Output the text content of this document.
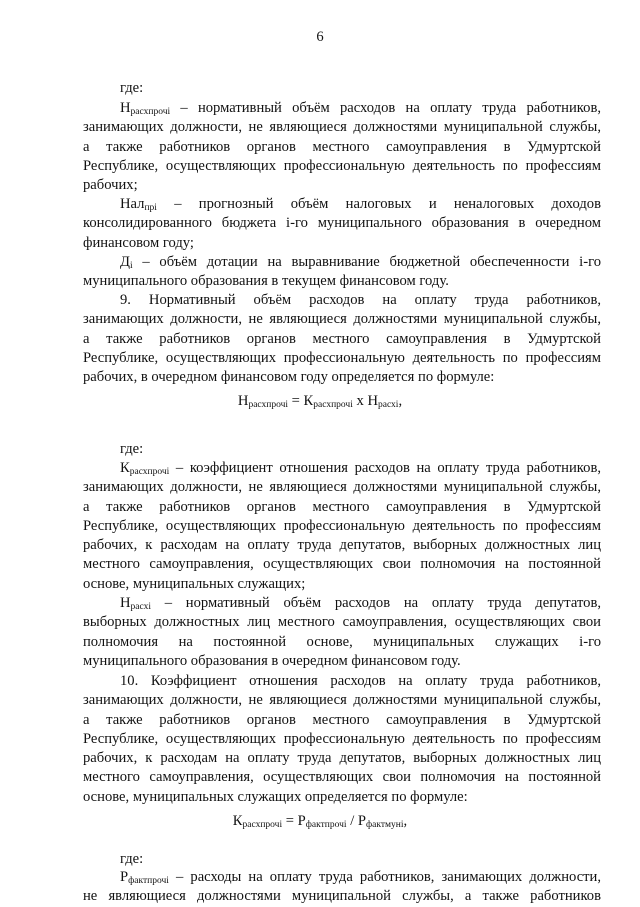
6

где:

$Н_{расхпрочі}$ – нормативный объём расходов на оплату труда работников,
занимающих должности, не являющиеся должностями муниципальной службы,
а также работников органов местного самоуправления в Удмуртской
Республике, осуществляющих профессиональную деятельность по профессиям
рабочих;
Нал$_{прі}$ – прогнозный объём налоговых и неналоговых доходов
консолидированного бюджета і-го муниципального образования в очередном
финансовом году;
$Д_і$ – объём дотации на выравнивание бюджетной обеспеченности і-го
муниципального образования в текущем финансовом году.
9. Нормативный объём расходов на оплату труда работников,
занимающих должности, не являющиеся должностями муниципальной службы,
а также работников органов местного самоуправления в Удмуртской
Республике, осуществляющих профессиональную деятельность по профессиям
рабочих, в очередном финансовом году определяется по формуле:

$Н_{расхпрочі} = К_{расхпрочі}$ х $Н_{расхі}$,

где:

$К_{расхпрочі}$ – коэффициент отношения расходов на оплату труда работников,
занимающих должности, не являющиеся должностями муниципальной службы,
а также работников органов местного самоуправления в Удмуртской
Республике, осуществляющих профессиональную деятельность по профессиям
рабочих, к расходам на оплату труда депутатов, выборных должностных лиц
местного самоуправления, осуществляющих свои полномочия на постоянной
основе, муниципальных служащих;
$Н_{расхі}$ – нормативный объём расходов на оплату труда депутатов,
выборных должностных лиц местного самоуправления, осуществляющих свои
полномочия на постоянной основе, муниципальных служащих і-го
муниципального образования в очередном финансовом году.
10. Коэффициент отношения расходов на оплату труда работников,
занимающих должности, не являющиеся должностями муниципальной службы,
а также работников органов местного самоуправления в Удмуртской
Республике, осуществляющих профессиональную деятельность по профессиям
рабочих, к расходам на оплату труда депутатов, выборных должностных лиц
местного самоуправления, осуществляющих свои полномочия на постоянной
основе, муниципальных служащих определяется по формуле:

$К_{расхпрочі} = Р_{фактпрочі} / Р_{фактмуні}$,

где:

$Р_{фактпрочі}$ – расходы на оплату труда работников, занимающих должности,
не являющиеся должностями муниципальной службы, а также работников
